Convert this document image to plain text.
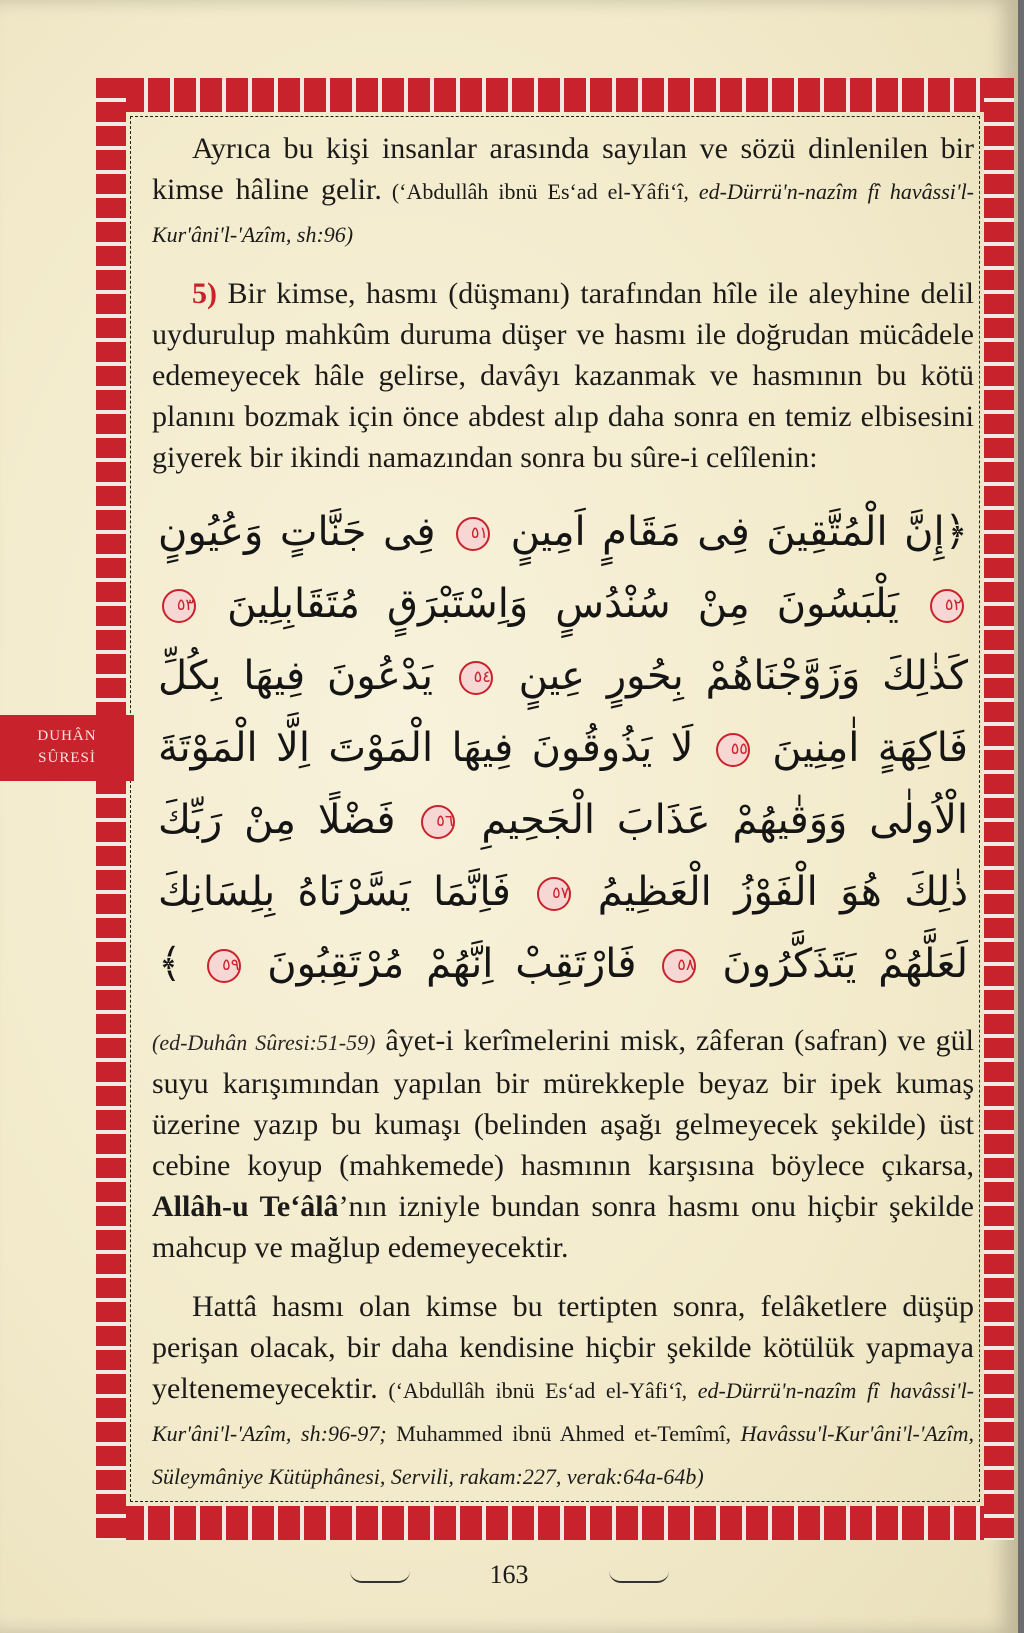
Ayrıca bu kişi insanlar arasında sayılan ve sözü dinlenilen bir kimse hâline gelir. (‘Abdullâh ibnü Es‘ad el-Yâfi‘î, ed-Dürrü'n-nazîm fî havâssi'l-Kur'âni'l-'Azîm, sh:96)

5) Bir kimse, hasmı (düşmanı) tarafından hîle ile aleyhine delil uydurulup mahkûm duruma düşer ve hasmı ile doğrudan mücâdele edemeyecek hâle gelirse, davâyı kazanmak ve hasmının bu kötü planını bozmak için önce abdest alıp daha sonra en temiz elbisesini giyerek bir ikindi namazından sonra bu sûre-i celîlenin:

﴿إِنَّ الْمُتَّقِينَ فِى مَقَامٍ اَمِينٍ ٥١ فِى جَنَّاتٍ وَعُيُونٍ ٥٢ يَلْبَسُونَ مِنْ سُنْدُسٍ وَاِسْتَبْرَقٍ مُتَقَابِلِينَ ٥٣ كَذٰلِكَ وَزَوَّجْنَاهُمْ بِحُورٍ عِينٍ ٥٤ يَدْعُونَ فِيهَا بِكُلِّ فَاكِهَةٍ اٰمِنِينَ ٥٥ لَا يَذُوقُونَ فِيهَا الْمَوْتَ اِلَّا الْمَوْتَةَ الْاُولٰى وَوَقٰيهُمْ عَذَابَ الْجَحِيمِ ٥٦ فَضْلًا مِنْ رَبِّكَ ذٰلِكَ هُوَ الْفَوْزُ الْعَظِيمُ ٥٧ فَاِنَّمَا يَسَّرْنَاهُ بِلِسَانِكَ لَعَلَّهُمْ يَتَذَكَّرُونَ ٥٨ فَارْتَقِبْ اِنَّهُمْ مُرْتَقِبُونَ ٥٩ ﴾

(ed-Duhân Sûresi:51-59) âyet-i kerîmelerini misk, zâferan (safran) ve gül suyu karışımından yapılan bir mürekkeple beyaz bir ipek kumaş üzerine yazıp bu kumaşı (belinden aşağı gelmeyecek şekilde) üst cebine koyup (mahkemede) hasmının karşısına böylece çıkarsa, Allâh-u Te‘âlâ’nın izniyle bundan sonra hasmı onu hiçbir şekilde mahcup ve mağlup edemeyecektir.

Hattâ hasmı olan kimse bu tertipten sonra, felâketlere düşüp perişan olacak, bir daha kendisine hiçbir şekilde kötülük yapmaya yeltenemeyecektir. (‘Abdullâh ibnü Es‘ad el-Yâfi‘î, ed-Dürrü'n-nazîm fî havâssi'l-Kur'âni'l-'Azîm, sh:96-97; Muhammed ibnü Ahmed et-Temîmî, Havâssu'l-Kur'âni'l-'Azîm, Süleymâniye Kütüphânesi, Servili, rakam:227, verak:64a-64b)

DUHÂN
SÛRESİ
163
